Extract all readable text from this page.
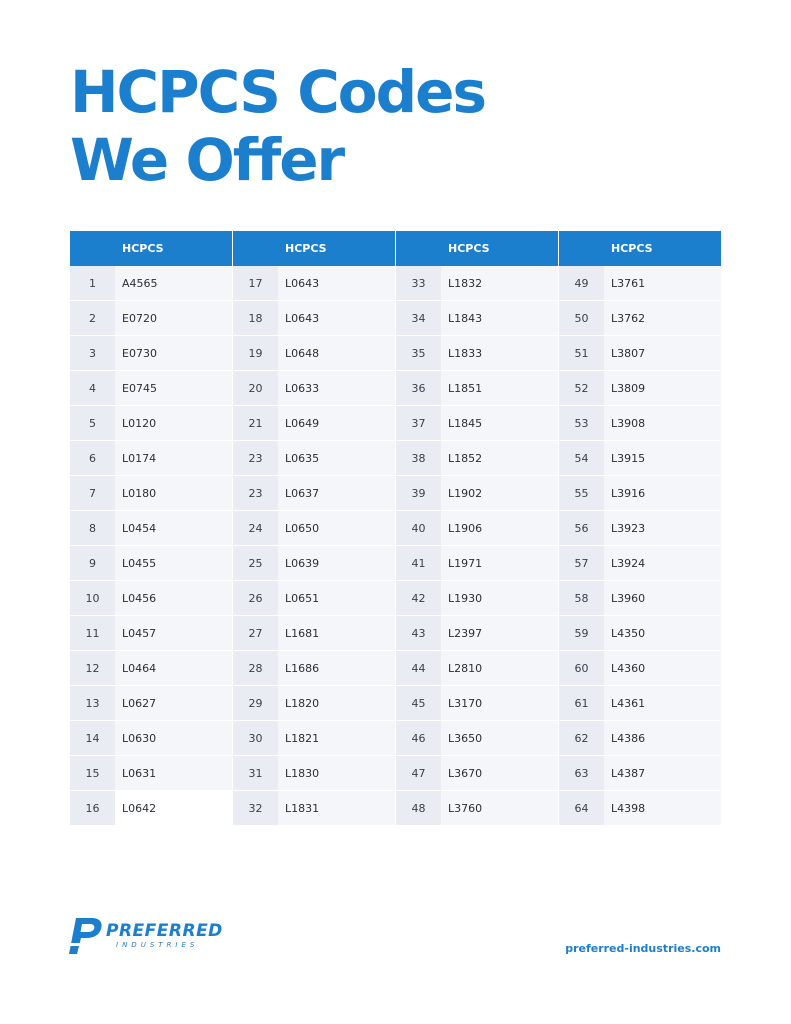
HCPCS Codes
We Offer
HCPCS
1	A4565
2	E0720
3	E0730
4	E0745
5	L0120
6	L0174
7	L0180
8	L0454
9	L0455
10	L0456
11	L0457
12	L0464
13	L0627
14	L0630
15	L0631
16	L0642
HCPCS
17	L0643
18	L0643
19	L0648
20	L0633
21	L0649
23	L0635
23	L0637
24	L0650
25	L0639
26	L0651
27	L1681
28	L1686
29	L1820
30	L1821
31	L1830
32	L1831
HCPCS
33	L1832
34	L1843
35	L1833
36	L1851
37	L1845
38	L1852
39	L1902
40	L1906
41	L1971
42	L1930
43	L2397
44	L2810
45	L3170
46	L3650
47	L3670
48	L3760
HCPCS
49	L3761
50	L3762
51	L3807
52	L3809
53	L3908
54	L3915
55	L3916
56	L3923
57	L3924
58	L3960
59	L4350
60	L4360
61	L4361
62	L4386
63	L4387
64	L4398
PREFERRED
INDUSTRIES	preferred-industries.com
